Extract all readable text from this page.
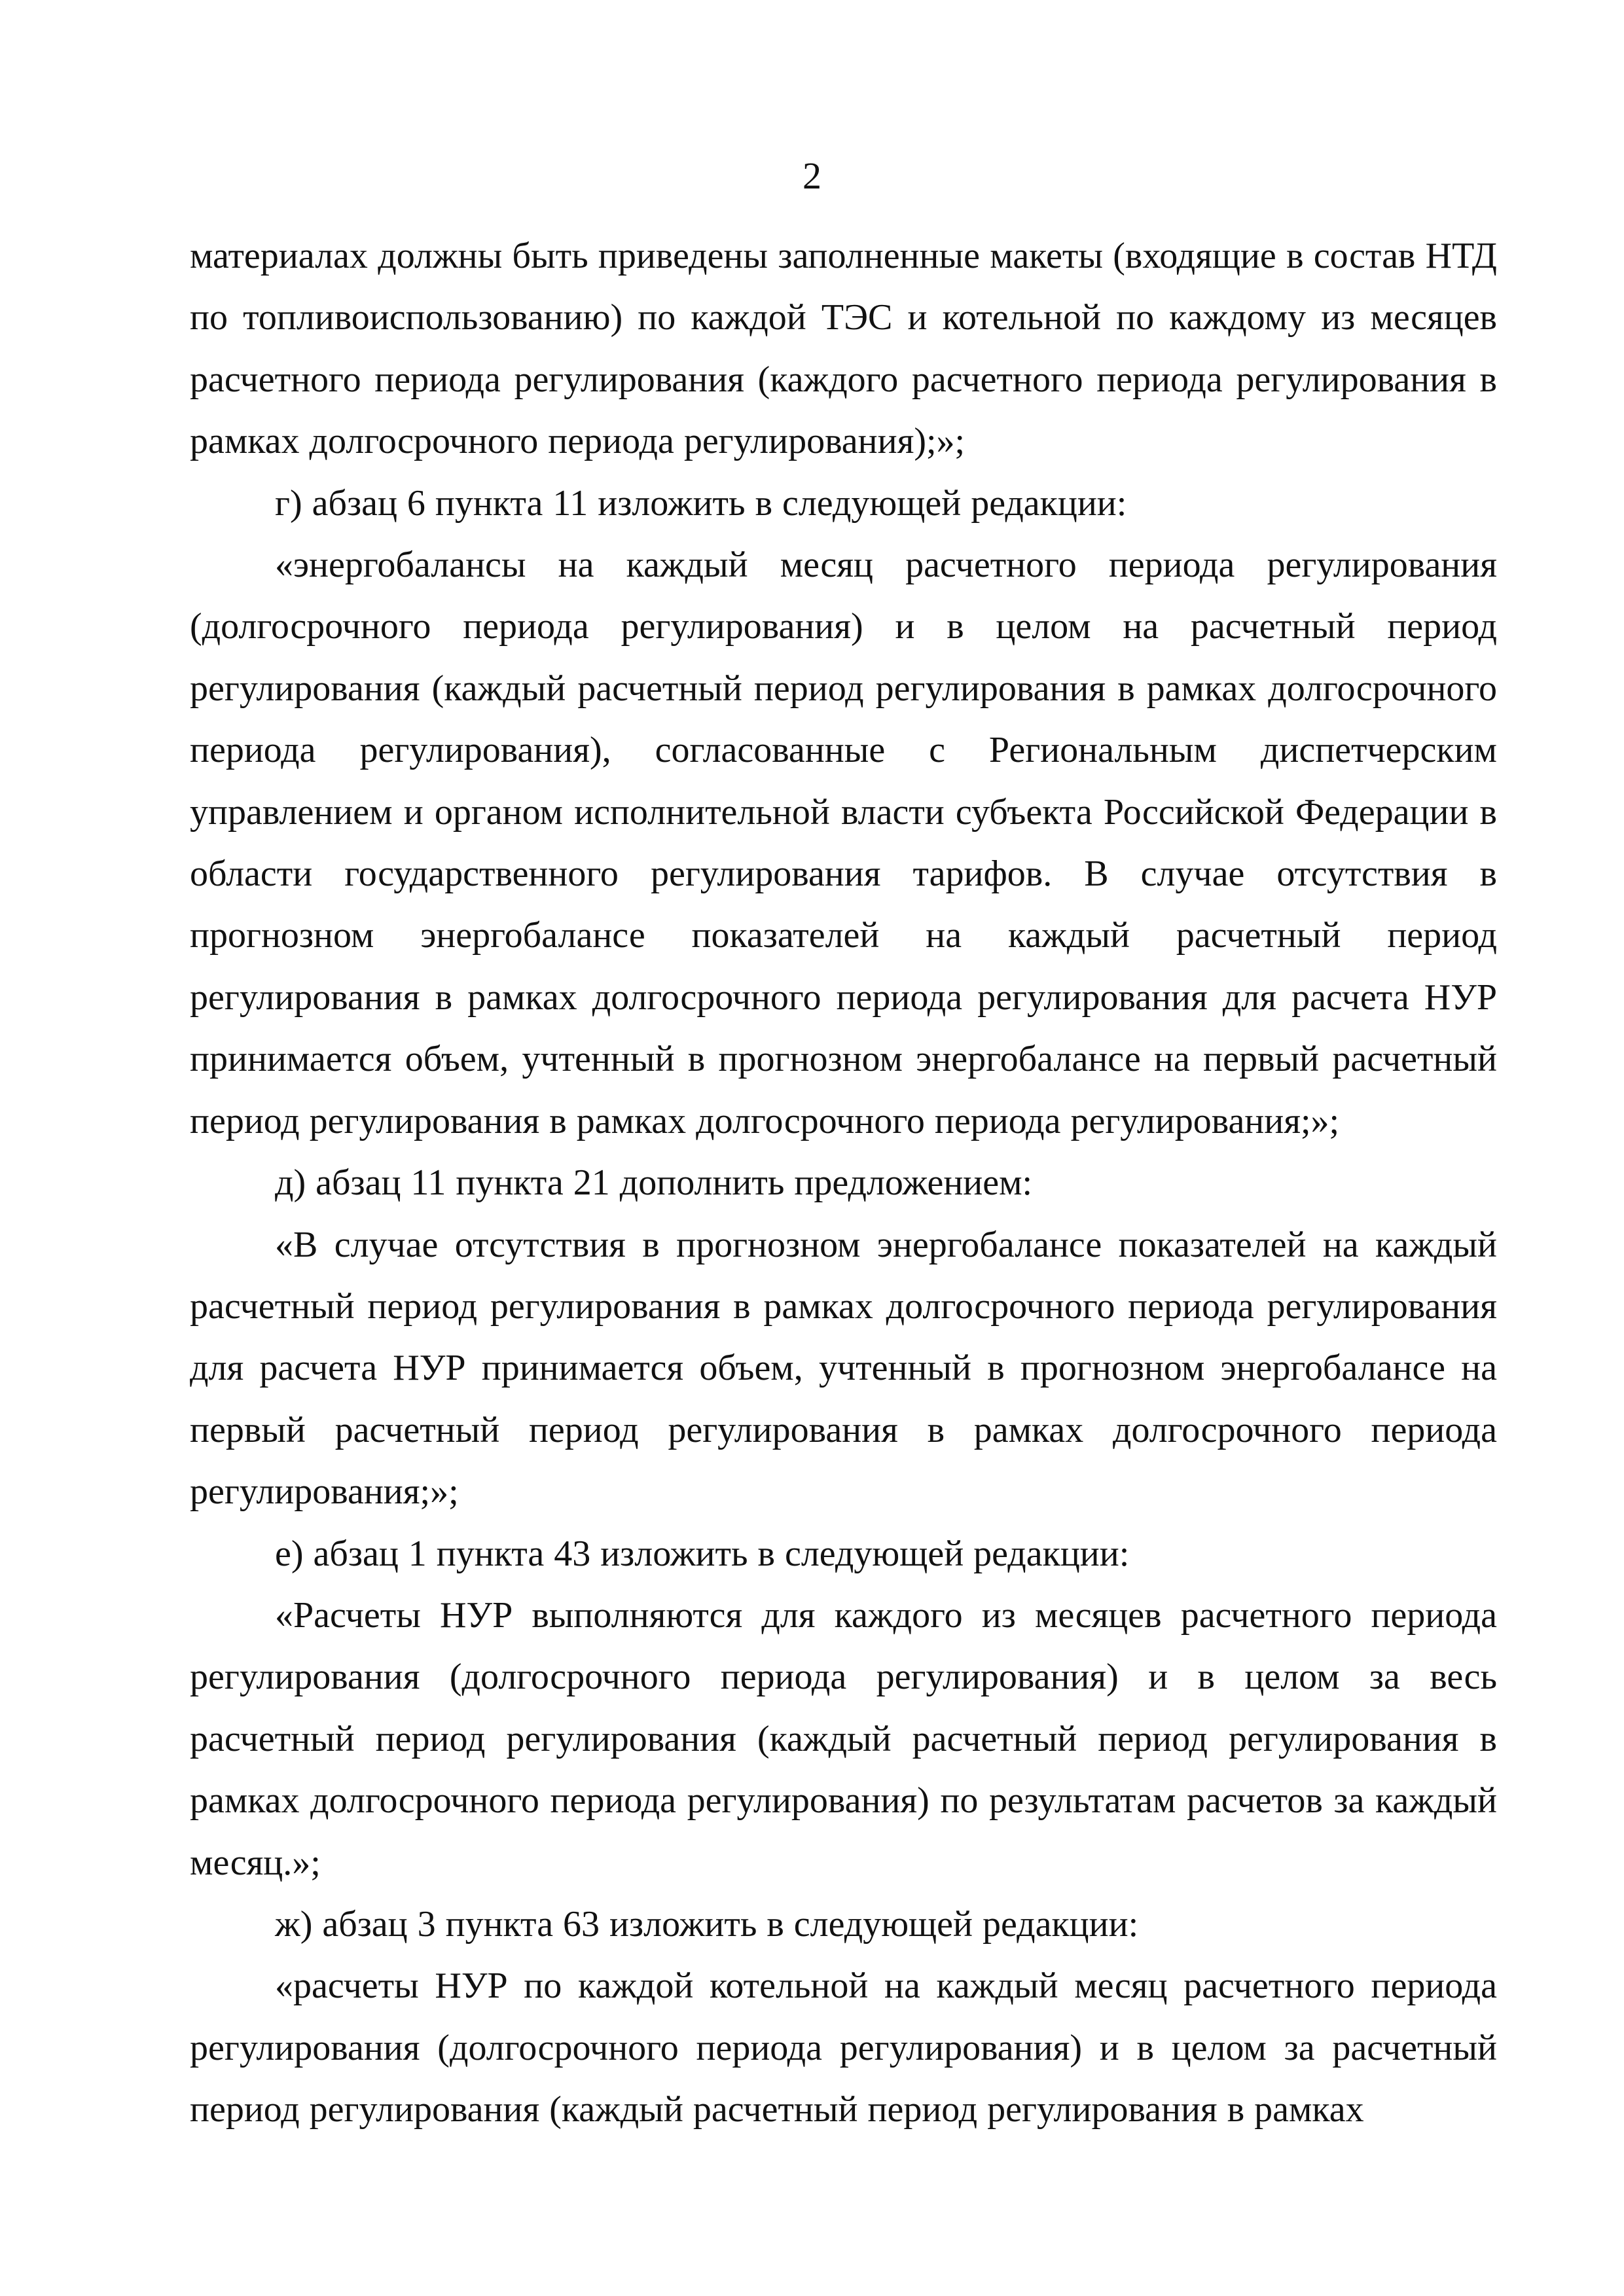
2

материалах должны быть приведены заполненные макеты (входящие в состав НТД по топливоиспользованию) по каждой ТЭС и котельной по каждому из месяцев расчетного периода регулирования (каждого расчетного периода регулирования в рамках долгосрочного периода регулирования);»;

г) абзац 6 пункта 11 изложить в следующей редакции:

«энергобалансы на каждый месяц расчетного периода регулирования (долгосрочного периода регулирования) и в целом на расчетный период регулирования (каждый расчетный период регулирования в рамках долгосрочного периода регулирования), согласованные с Региональным диспетчерским управлением и органом исполнительной власти субъекта Российской Федерации в области государственного регулирования тарифов. В случае отсутствия в прогнозном энергобалансе показателей на каждый расчетный период регулирования в рамках долгосрочного периода регулирования для расчета НУР принимается объем, учтенный в прогнозном энергобалансе на первый расчетный период регулирования в рамках долгосрочного периода регулирования;»;

д) абзац 11 пункта 21 дополнить предложением:

«В случае отсутствия в прогнозном энергобалансе показателей на каждый расчетный период регулирования в рамках долгосрочного периода регулирования для расчета НУР принимается объем, учтенный в прогнозном энергобалансе на первый расчетный период регулирования в рамках долгосрочного периода регулирования;»;

е) абзац 1 пункта 43 изложить в следующей редакции:

«Расчеты НУР выполняются для каждого из месяцев расчетного периода регулирования (долгосрочного периода регулирования) и в целом за весь расчетный период регулирования (каждый расчетный период регулирования в рамках долгосрочного периода регулирования) по результатам расчетов за каждый месяц.»;

ж) абзац 3 пункта 63 изложить в следующей редакции:

«расчеты НУР по каждой котельной на каждый месяц расчетного периода регулирования (долгосрочного периода регулирования) и в целом за расчетный период регулирования (каждый расчетный период регулирования в рамках
